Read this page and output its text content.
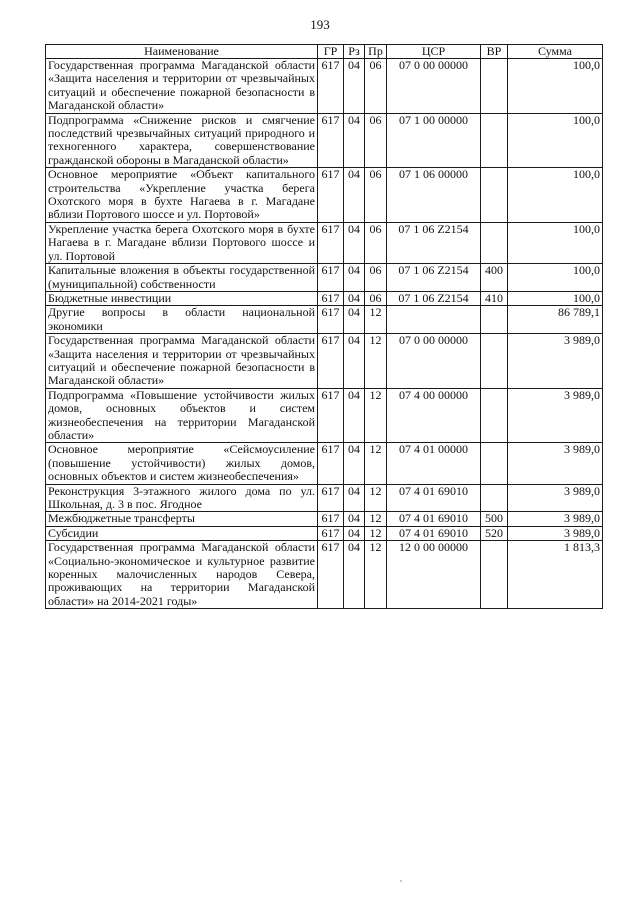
193
Наименование	ГР	Рз	Пр	ЦСР	ВР	Сумма
Государственная программа Магаданской области «Защита населения и территории от чрезвычайных ситуаций и обеспечение пожарной безопасности в Магаданской области»	617	04	06	07 0 00 00000		100,0
Подпрограмма «Снижение рисков и смягчение последствий чрезвычайных ситуаций природного и техногенного характера, совершенствование гражданской обороны в Магаданской области»	617	04	06	07 1 00 00000		100,0
Основное мероприятие «Объект капитального строительства «Укрепление участка берега Охотского моря в бухте Нагаева в г. Магадане вблизи Портового шоссе и ул. Портовой»	617	04	06	07 1 06 00000		100,0
Укрепление участка берега Охотского моря в бухте Нагаева в г. Магадане вблизи Портового шоссе и ул. Портовой	617	04	06	07 1 06 Z2154		100,0
Капитальные вложения в объекты государственной (муниципальной) собственности	617	04	06	07 1 06 Z2154	400	100,0
Бюджетные инвестиции	617	04	06	07 1 06 Z2154	410	100,0
Другие вопросы в области национальной экономики	617	04	12			86 789,1
Государственная программа Магаданской области «Защита населения и территории от чрезвычайных ситуаций и обеспечение пожарной безопасности в Магаданской области»	617	04	12	07 0 00 00000		3 989,0
Подпрограмма «Повышение устойчивости жилых домов, основных объектов и систем жизнеобеспечения на территории Магаданской области»	617	04	12	07 4 00 00000		3 989,0
Основное мероприятие «Сейсмоусиление (повышение устойчивости) жилых домов, основных объектов и систем жизнеобеспечения»	617	04	12	07 4 01 00000		3 989,0
Реконструкция 3-этажного жилого дома по ул. Школьная, д. 3 в пос. Ягодное	617	04	12	07 4 01 69010		3 989,0
Межбюджетные трансферты	617	04	12	07 4 01 69010	500	3 989,0
Субсидии	617	04	12	07 4 01 69010	520	3 989,0
Государственная программа Магаданской области «Социально-экономическое и культурное развитие коренных малочисленных народов Севера, проживающих на территории Магаданской области» на 2014-2021 годы»	617	04	12	12 0 00 00000		1 813,3
